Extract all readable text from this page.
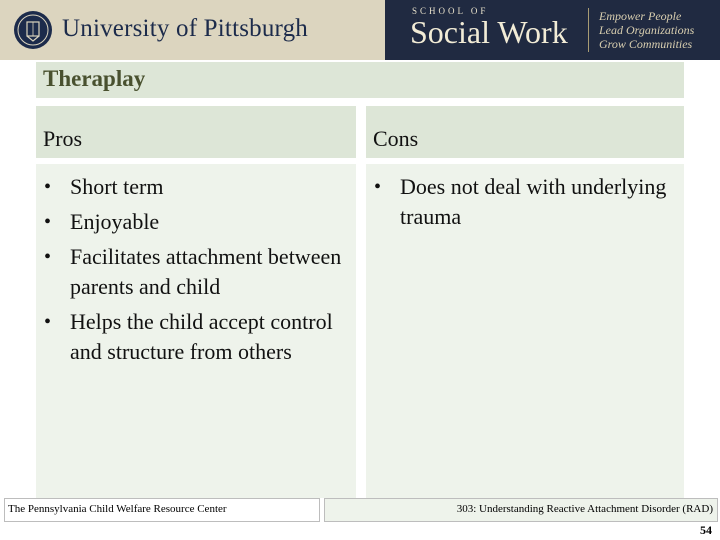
University of Pittsburgh
SCHOOL OF
Social Work	Empower People
Lead Organizations
Grow Communities
Theraplay
Pros
• Short term
• Enjoyable
• Facilitates attachment between parents and child
• Helps the child accept control and structure from others
Cons
• Does not deal with underlying trauma
The Pennsylvania Child Welfare Resource Center	303: Understanding Reactive Attachment Disorder (RAD)
54
